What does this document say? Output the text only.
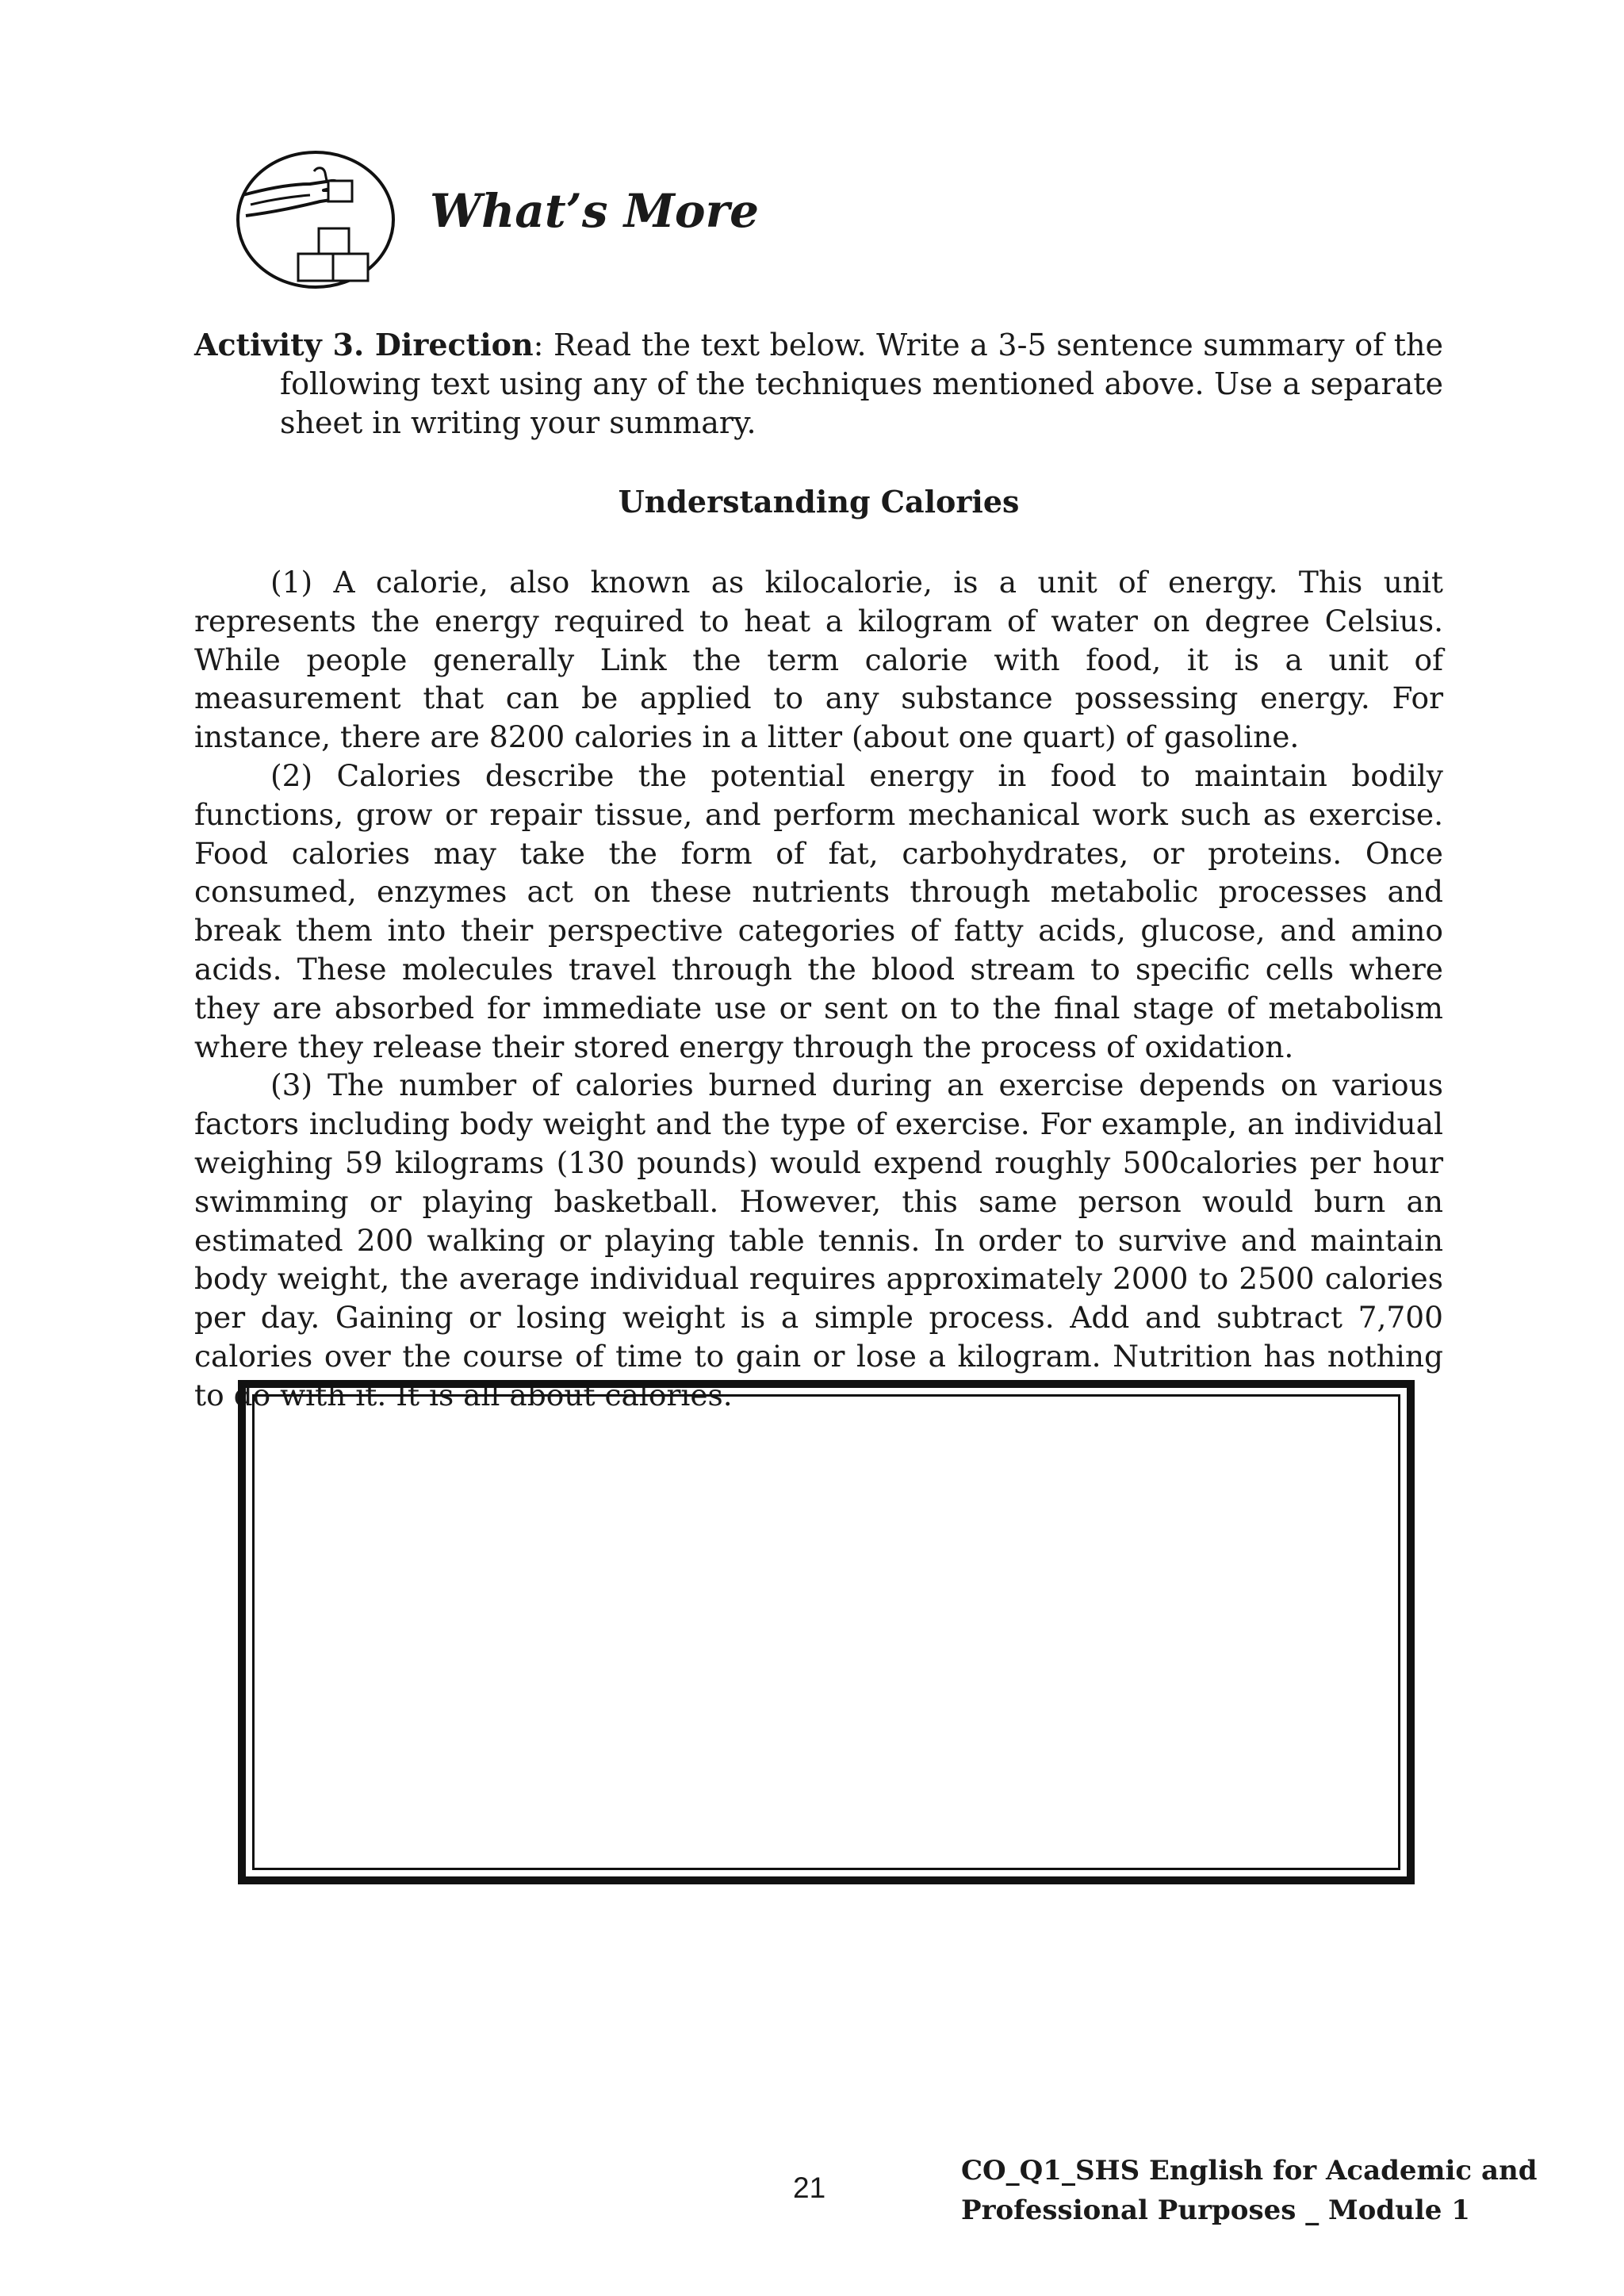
What’s More

Activity 3. Direction: Read the text below. Write a 3-5 sentence summary of the following text using any of the techniques mentioned above. Use a separate sheet in writing your summary.

Understanding Calories

(1) A calorie, also known as kilocalorie, is a unit of energy. This unit represents the energy required to heat a kilogram of water on degree Celsius. While people generally Link the term calorie with food, it is a unit of measurement that can be applied to any substance possessing energy. For instance, there are 8200 calories in a litter (about one quart) of gasoline.

(2) Calories describe the potential energy in food to maintain bodily functions, grow or repair tissue, and perform mechanical work such as exercise. Food calories may take the form of fat, carbohydrates, or proteins. Once consumed, enzymes act on these nutrients through metabolic processes and break them into their perspective categories of fatty acids, glucose, and amino acids. These molecules travel through the blood stream to specific cells where they are absorbed for immediate use or sent on to the final stage of metabolism where they release their stored energy through the process of oxidation.

(3) The number of calories burned during an exercise depends on various factors including body weight and the type of exercise. For example, an individual weighing 59 kilograms (130 pounds) would expend roughly 500calories per hour swimming or playing basketball. However, this same person would burn an estimated 200 walking or playing table tennis. In order to survive and maintain body weight, the average individual requires approximately 2000 to 2500 calories per day. Gaining or losing weight is a simple process. Add and subtract 7,700 calories over the course of time to gain or lose a kilogram. Nutrition has nothing to do with it. It is all about calories.

21

CO_Q1_SHS English for Academic and
Professional Purposes _ Module 1
